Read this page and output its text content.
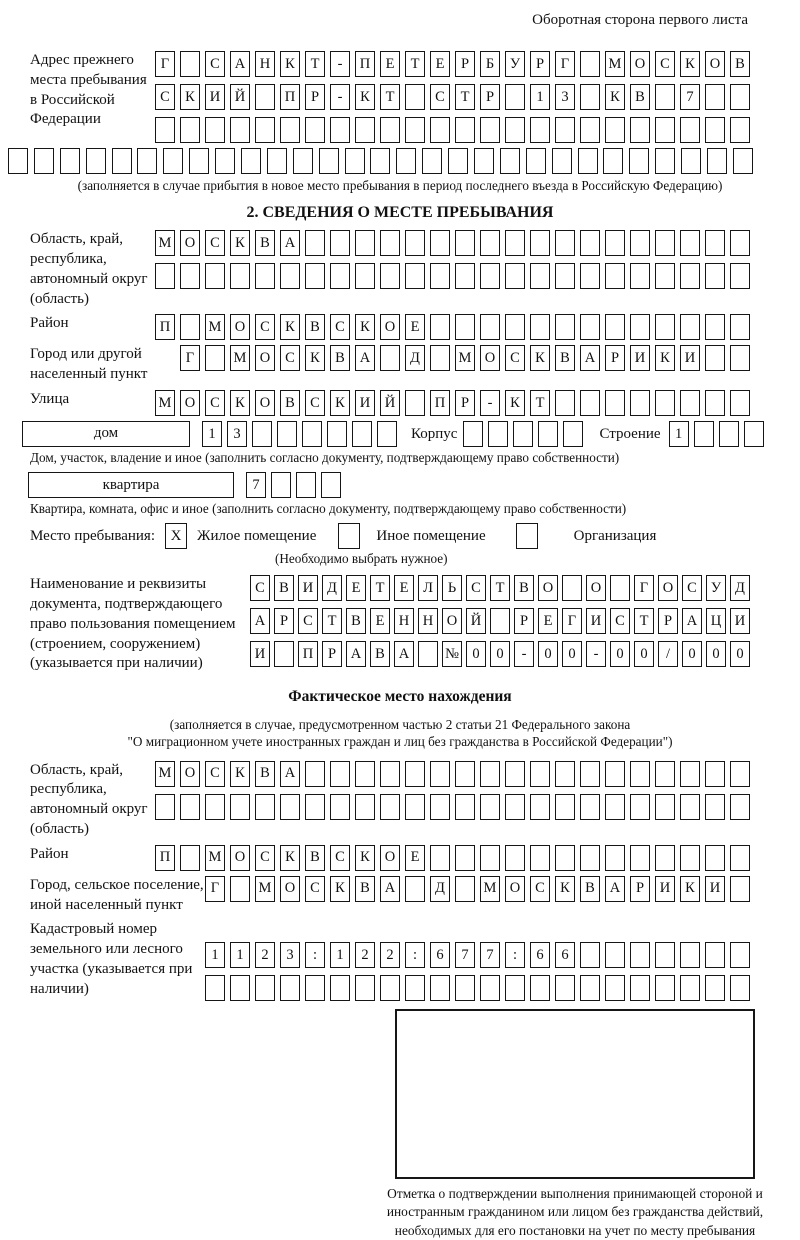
Оборотная сторона первого листа
Адрес прежнего места пребывания в Российской Федерации
Г	С	А	Н	К	Т	-	П	Е	Т	Е	Р	Б	У	Р	Г	М О	С	К	О	В
С	К	И	Й	П	Р	-	К	Т	С	Т	Р	1	3	К	В	7
(заполняется в случае прибытия в новое место пребывания в период последнего въезда в Российскую Федерацию)
2. СВЕДЕНИЯ О МЕСТЕ ПРЕБЫВАНИЯ
Область, край, республика, автономный округ (область)
М О	С	К	В	А
Район	П	М О	С	К	В	С	К	О	Е
Город или другой населенный пункт
Г	М О	С	К	В	А	Д	М О	С	К	В	А	Р	И	К	И
Улица	М О	С	К	О	В	С	К	И	Й	П	Р	-	К	Т
дом	1	3	Корпус	Строение 1
Дом, участок, владение и иное (заполнить согласно документу, подтверждающему право собственности)
квартира	7
Квартира, комната, офис и иное (заполнить согласно документу, подтверждающему право собственности)
Место пребывания:	X	Жилое помещение	Иное помещение	Организация
(Необходимо выбрать нужное)
Наименование и реквизиты документа, подтверждающего право пользования помещением (строением, сооружением) (указывается при наличии)
С В И Д	Е	Т	Е	Л	Ь	С	Т	В О	О	Г	О С У Д
А	Р	С	Т	В	Е Н Н О Й	Р	Е	Г	И С	Т	Р	А Ц И
И	П	Р	А В А	№ 0	0	-	0	0	-	0	0	/	0	0	0
Фактическое место нахождения
(заполняется в случае, предусмотренном частью 2 статьи 21 Федерального закона
"О миграционном учете иностранных граждан и лиц без гражданства в Российской Федерации")
Область, край, республика, автономный округ (область)
М О	С	К	В	А
Район	П	М О	С	К	В	С	К	О	Е
Город, сельское поселение, иной населенный пункт
Г	М О	С	К	В	А	Д	М О	С	К	В	А	Р	И	К	И
Кадастровый номер земельного или лесного участка (указывается при наличии)
1	1	2	3	:	1	2	2	:	6	7	7	:	6	6
Отметка о подтверждении выполнения принимающей стороной и иностранным гражданином или лицом без гражданства действий, необходимых для его постановки на учет по месту пребывания
